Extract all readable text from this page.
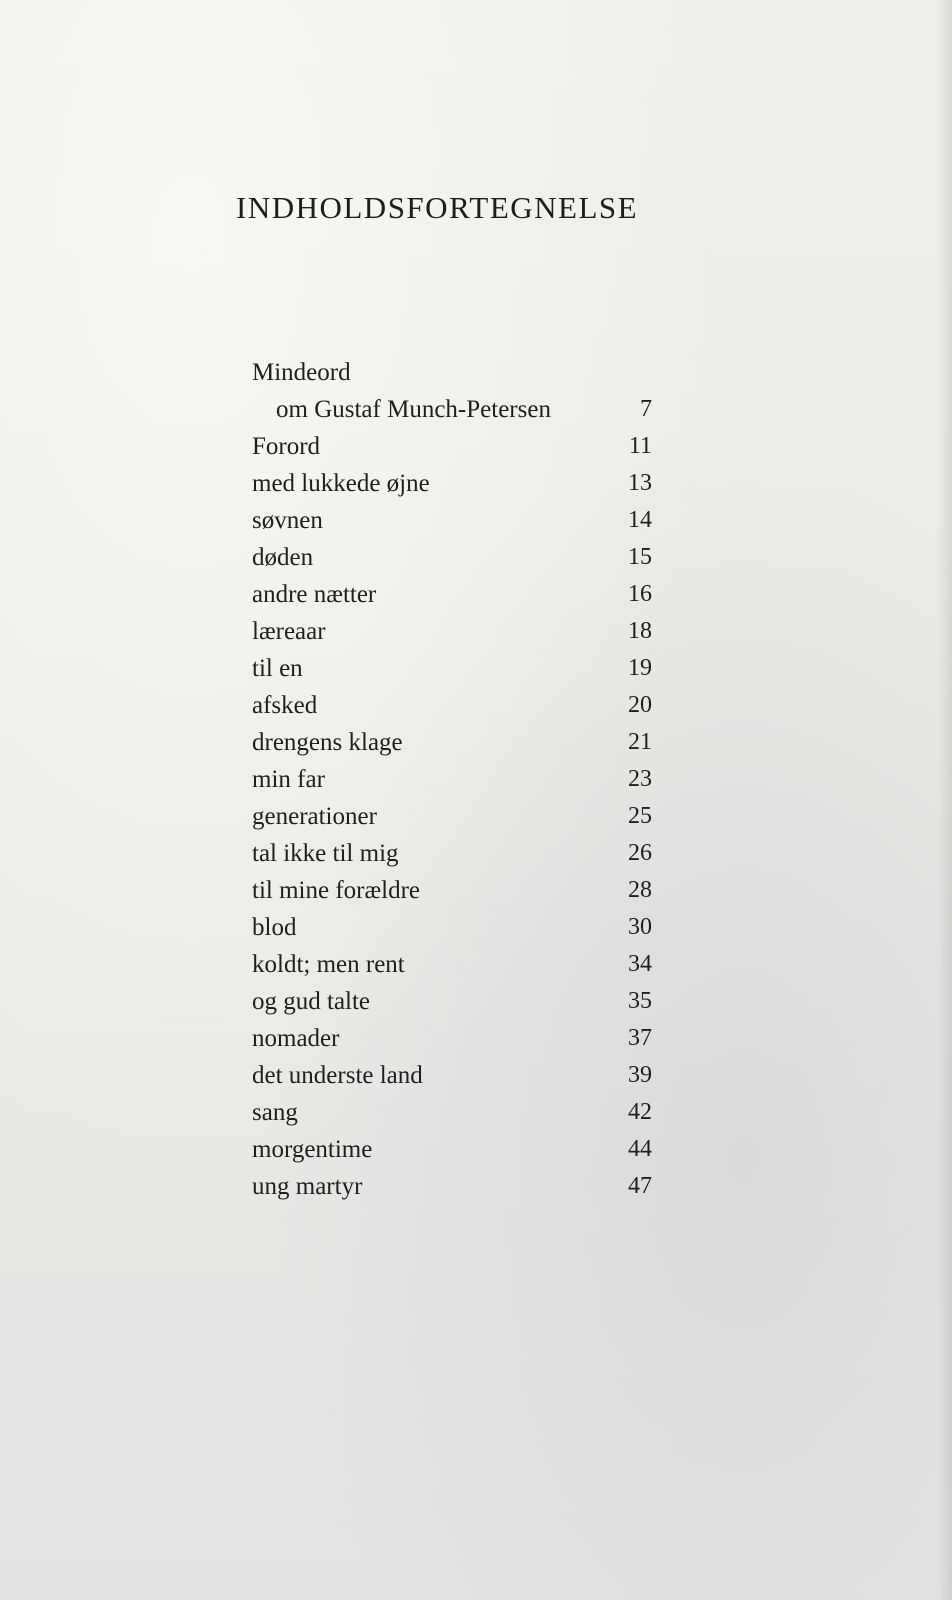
INDHOLDSFORTEGNELSE
Mindeord
om Gustaf Munch-Petersen	7
Forord	11
med lukkede øjne	13
søvnen	14
døden	15
andre nætter	16
læreaar	18
til en	19
afsked	20
drengens klage	21
min far	23
generationer	25
tal ikke til mig	26
til mine forældre	28
blod	30
koldt; men rent	34
og gud talte	35
nomader	37
det underste land	39
sang	42
morgentime	44
ung martyr	47
